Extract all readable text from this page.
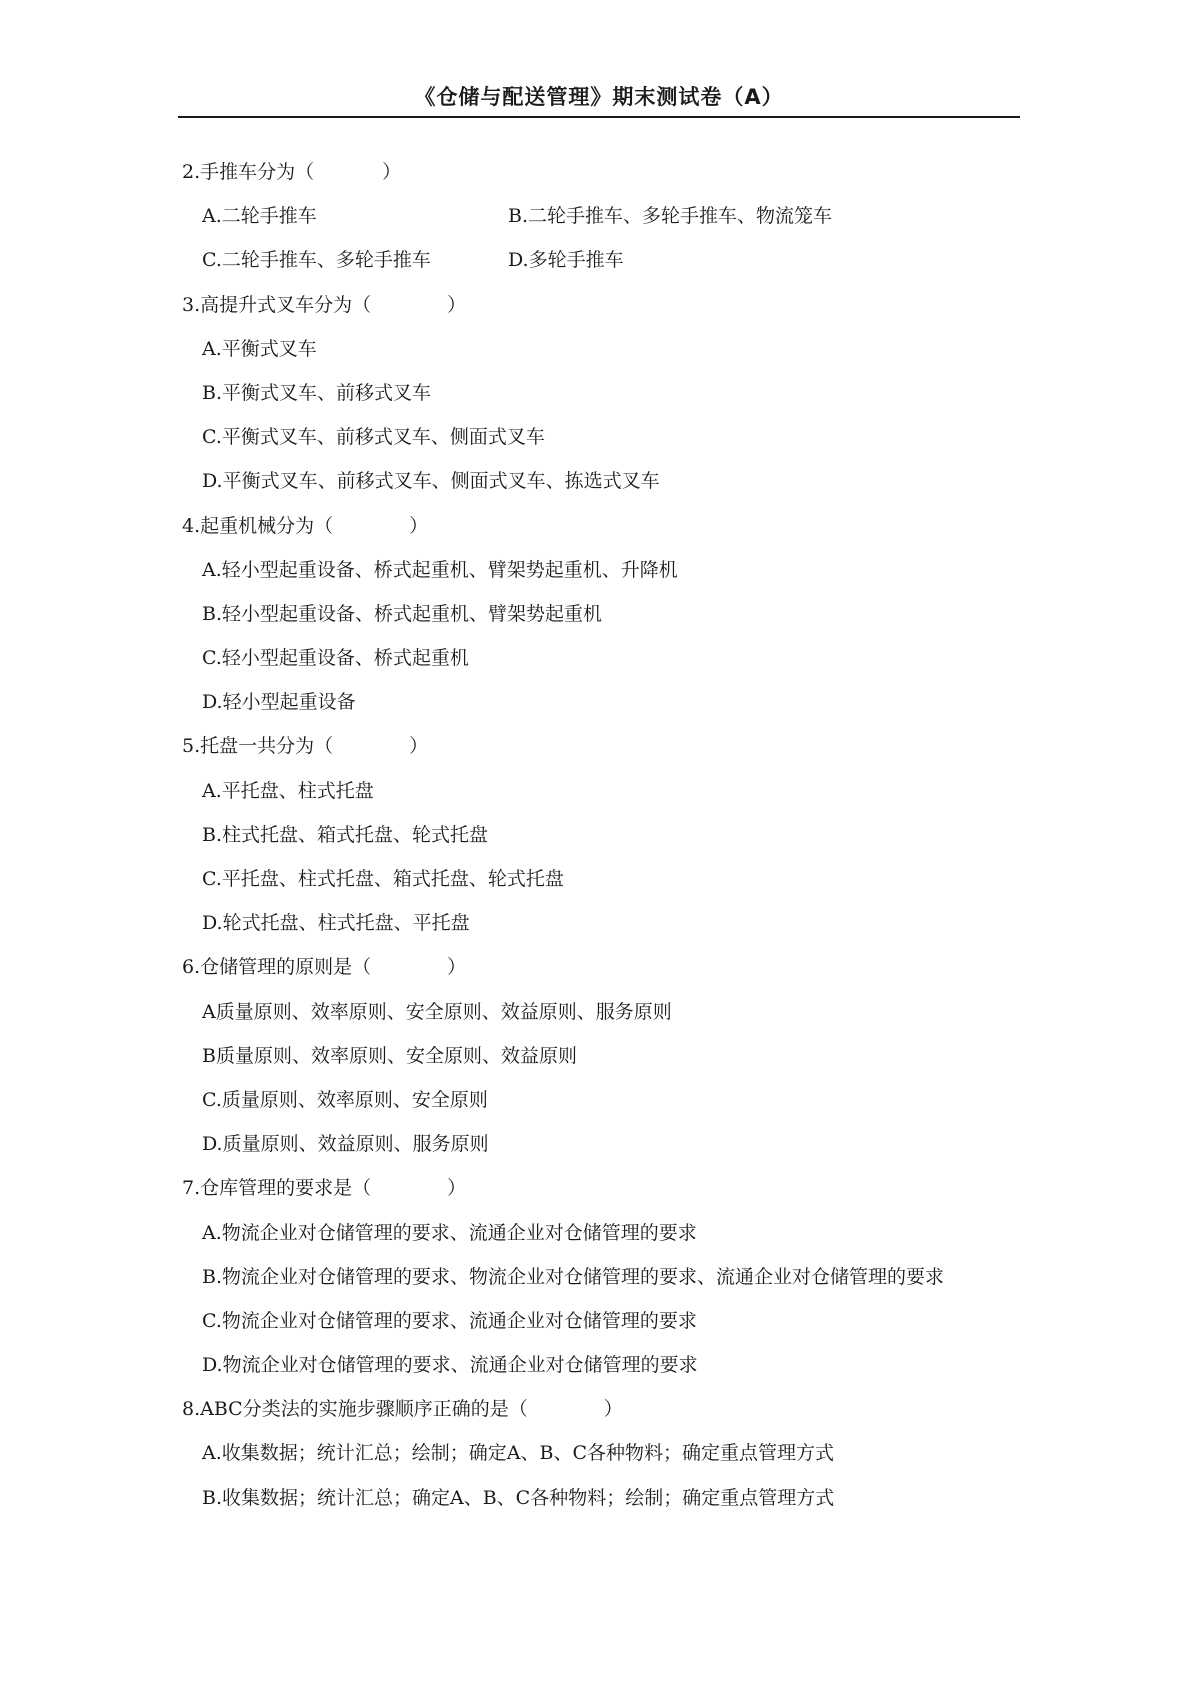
《仓储与配送管理》期末测试卷（A）
2.手推车分为（	）
A.二轮手推车	B.二轮手推车、多轮手推车、物流笼车
C.二轮手推车、多轮手推车	D.多轮手推车
3.高提升式叉车分为（	）
A.平衡式叉车
B.平衡式叉车、前移式叉车
C.平衡式叉车、前移式叉车、侧面式叉车
D.平衡式叉车、前移式叉车、侧面式叉车、拣选式叉车
4.起重机械分为（	）
A.轻小型起重设备、桥式起重机、臂架势起重机、升降机
B.轻小型起重设备、桥式起重机、臂架势起重机
C.轻小型起重设备、桥式起重机
D.轻小型起重设备
5.托盘一共分为（	）
A.平托盘、柱式托盘
B.柱式托盘、箱式托盘、轮式托盘
C.平托盘、柱式托盘、箱式托盘、轮式托盘
D.轮式托盘、柱式托盘、平托盘
6.仓储管理的原则是（	）
A质量原则、效率原则、安全原则、效益原则、服务原则
B质量原则、效率原则、安全原则、效益原则
C.质量原则、效率原则、安全原则
D.质量原则、效益原则、服务原则
7.仓库管理的要求是（	）
A.物流企业对仓储管理的要求、流通企业对仓储管理的要求
B.物流企业对仓储管理的要求、物流企业对仓储管理的要求、流通企业对仓储管理的要求
C.物流企业对仓储管理的要求、流通企业对仓储管理的要求
D.物流企业对仓储管理的要求、流通企业对仓储管理的要求
8.ABC分类法的实施步骤顺序正确的是（	）
A.收集数据；统计汇总；绘制；确定A、B、C各种物料；确定重点管理方式
B.收集数据；统计汇总；确定A、B、C各种物料；绘制；确定重点管理方式
